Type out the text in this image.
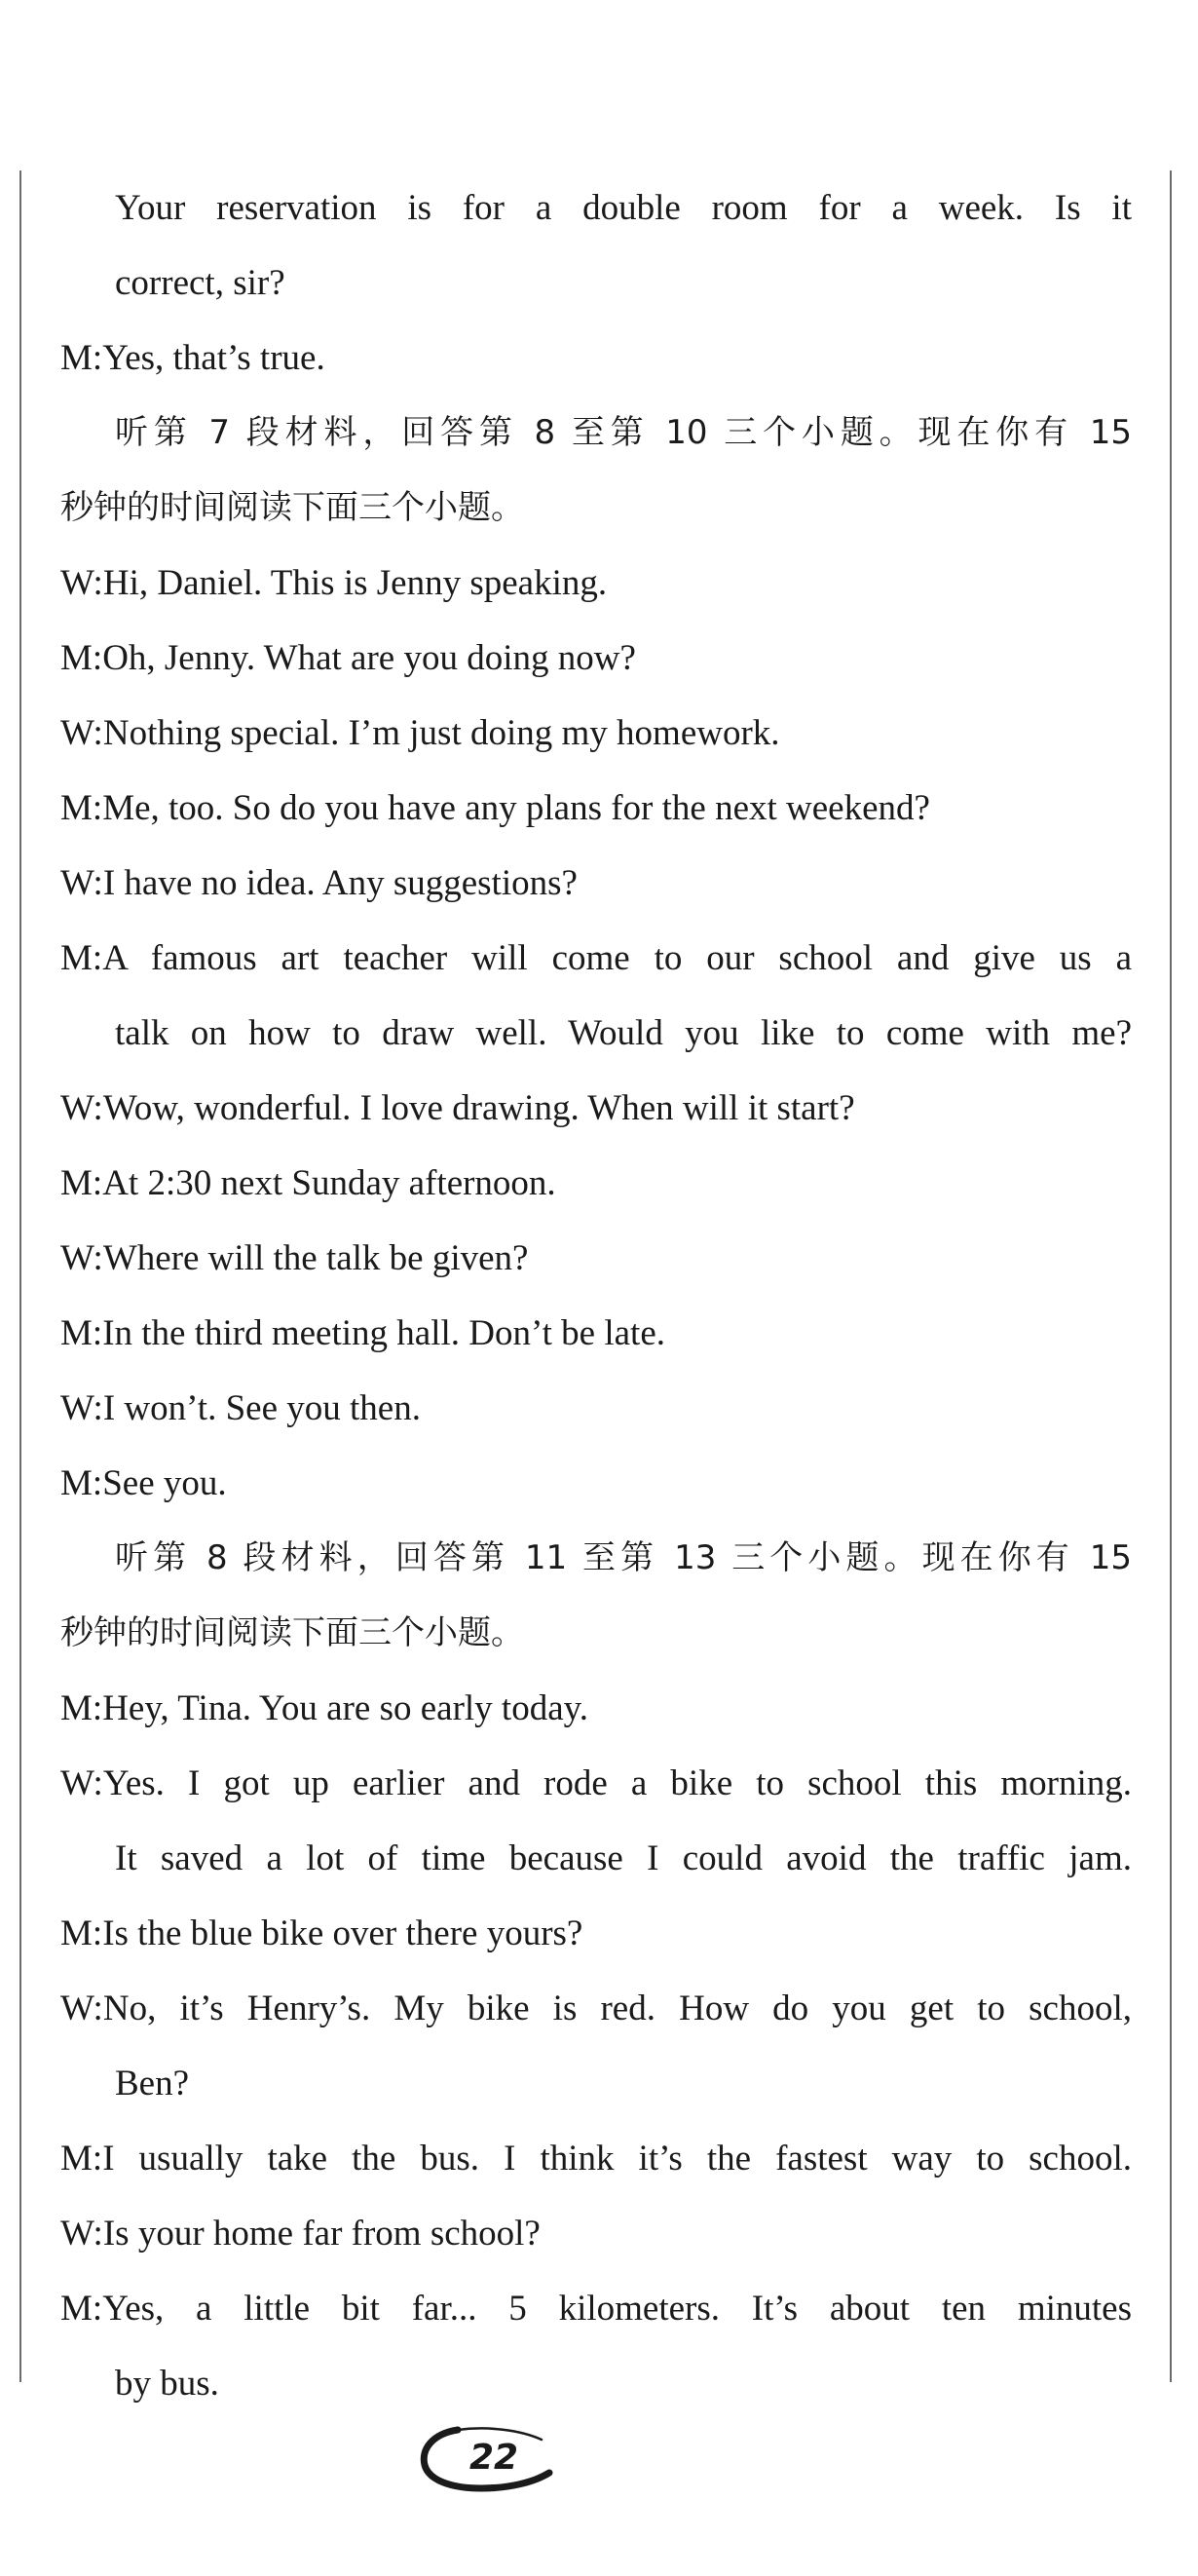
Your reservation is for a double room for a week. Is it
correct, sir?
M:Yes, that’s true.
听第 7 段材料，回答第 8 至第 10 三个小题。现在你有 15
秒钟的时间阅读下面三个小题。
W:Hi, Daniel. This is Jenny speaking.
M:Oh, Jenny. What are you doing now?
W:Nothing special. I’m just doing my homework.
M:Me, too. So do you have any plans for the next weekend?
W:I have no idea. Any suggestions?
M:A famous art teacher will come to our school and give us a
talk on how to draw well. Would you like to come with me?
W:Wow, wonderful. I love drawing. When will it start?
M:At 2:30 next Sunday afternoon.
W:Where will the talk be given?
M:In the third meeting hall. Don’t be late.
W:I won’t. See you then.
M:See you.
听第 8 段材料，回答第 11 至第 13 三个小题。现在你有 15
秒钟的时间阅读下面三个小题。
M:Hey, Tina. You are so early today.
W:Yes. I got up earlier and rode a bike to school this morning.
It saved a lot of time because I could avoid the traffic jam.
M:Is the blue bike over there yours?
W:No, it’s Henry’s. My bike is red. How do you get to school,
Ben?
M:I usually take the bus. I think it’s the fastest way to school.
W:Is your home far from school?
M:Yes, a little bit far... 5 kilometers. It’s about ten minutes
by bus.
22
